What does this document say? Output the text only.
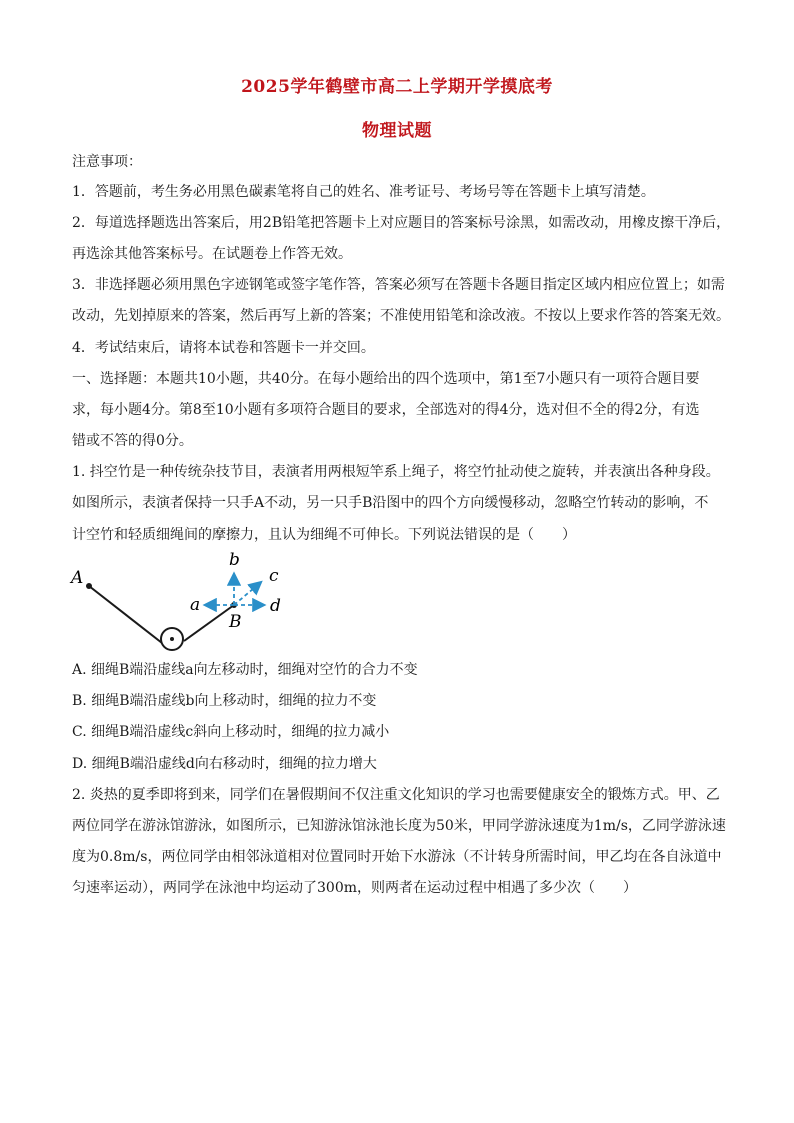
2025学年鹤壁市高二上学期开学摸底考
物理试题
注意事项：
1．答题前，考生务必用黑色碳素笔将自己的姓名、准考证号、考场号等在答题卡上填写清楚。
2．每道选择题选出答案后，用2B铅笔把答题卡上对应题目的答案标号涂黑，如需改动，用橡皮擦干净后，
再选涂其他答案标号。在试题卷上作答无效。
3．非选择题必须用黑色字迹钢笔或签字笔作答，答案必须写在答题卡各题目指定区域内相应位置上；如需
改动，先划掉原来的答案，然后再写上新的答案；不准使用铅笔和涂改液。不按以上要求作答的答案无效。
4．考试结束后，请将本试卷和答题卡一并交回。
一、选择题：本题共10小题，共40分。在每小题给出的四个选项中，第1至7小题只有一项符合题目要
求，每小题4分。第8至10小题有多项符合题目的要求，全部选对的得4分，选对但不全的得2分，有选
错或不答的得0分。
1. 抖空竹是一种传统杂技节目，表演者用两根短竿系上绳子，将空竹扯动使之旋转，并表演出各种身段。
如图所示，表演者保持一只手A不动，另一只手B沿图中的四个方向缓慢移动，忽略空竹转动的影响，不
计空竹和轻质细绳间的摩擦力，且认为细绳不可伸长。下列说法错误的是（　　）
A
B
a
b
c
d
A. 细绳B端沿虚线a向左移动时，细绳对空竹的合力不变
B. 细绳B端沿虚线b向上移动时，细绳的拉力不变
C. 细绳B端沿虚线c斜向上移动时，细绳的拉力减小
D. 细绳B端沿虚线d向右移动时，细绳的拉力增大
2. 炎热的夏季即将到来，同学们在暑假期间不仅注重文化知识的学习也需要健康安全的锻炼方式。甲、乙
两位同学在游泳馆游泳，如图所示，已知游泳馆泳池长度为50米，甲同学游泳速度为1m/s，乙同学游泳速
度为0.8m/s，两位同学由相邻泳道相对位置同时开始下水游泳（不计转身所需时间，甲乙均在各自泳道中
匀速率运动），两同学在泳池中均运动了300m，则两者在运动过程中相遇了多少次（　　）
